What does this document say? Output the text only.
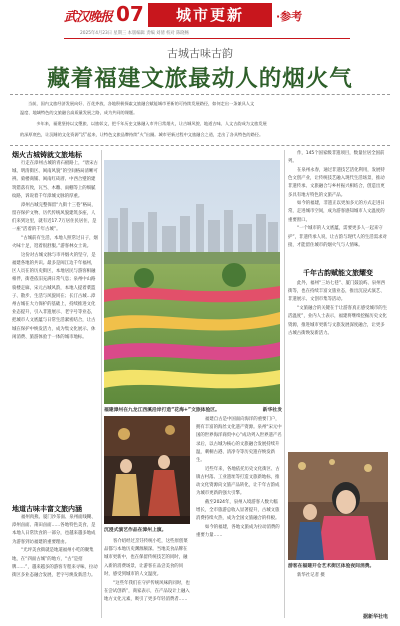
武汉晚报 07	城市更新	·参考
2025年4月23日 星期三 本版编辑 责编 刘倩 校对 陈晓畅
古城古味古韵
藏着福建文旅最动人的烟火气
当前，国内文旅经济发展向好、百花齐放，各地积极探索文旅融合赋能城市更新的可持续发展路径，如何走出一条兼具人文
温度、地域特色的文旅融合高质量发展之路，成为共同的课题。
　　多年来，福建坚持以文塑旅、以旅彰文，把千年历史文脉融入市井日常烟火，让古城风貌、地道古味、人文古韵成为文旅发展
的深厚底色，让沉睡的文化资源“活”起来，让特色文旅品牌持续“火”出圈。城市更新过程中文旅融合之道，走出了各具特色的路径。
烟火古城铸就文旅地标

行走在漳州古城的青石板路上，“唐宋古城、明清街区、闽南风貌”的空间格局清晰可辨。骑楼商铺、闽南红砖厝、中西合璧的建筑错落有致，瓦当、木雕、雨棚等上的细腻纹路，诉说着千年漳城文脉的厚重。

漳州古城完整保留“九街十三巷”格局，留存保护文物、历代传统风貌建筑多座，人们来到这里，就有近17.7万居住民居住，是一座“活着的千年古城”。

“古城前有生活，本地人照常过日子，烟火味十足，逛着很舒服。”游客林女士说。

这份对古城文脉与市井烟火的坚守，是福建各地的共识。最多是闽江边千年福州，区人员在的历史街区，本地居民与游客相融相伴，街巷依旧充满日常气息；泉州中山路骑楼走廊，宋元古城风韵，本地人提着菜篮子、散步、生活与风貌同在；长汀古城…漳州古城在大力保护的基础上，持续推进文化业态提升，引入非遗展示、老字号等业态，把城市人文底蕴与日常生活紧密结合，让古城在保护中焕发活力，成为集文化展示、休闲消费、旅游体验于一体的城市地标。

地道古味丰富文旅内涵

福州肉燕、厦门沙茶面、泉州面线糊、漳州卤面、莆田卤面……各地特色美食，是本地人日常饮食的一部分，也越来越多地成为游客到访福建的重要理由。

“光坪美食街就是地道福州小吃的聚集地，在“四面古城”的地方，“古”是招牌……”，越来越多的游客专程来寻味，拉动街区多业态融合发展，老字号焕发新活力。

福建漳州在九龙江西溪沿岸打造“花海+”文旅体验区。	新华社发
沉浸式演艺作品在漳州上演。

客介绍经过烹饪传统小吃，这些原创菜品都与本地历史渊源颇深。当地美食品牌在城市更新中，也在保留传统技艺的同时，融入新的消费场景，让游客在品尝美食的同时，感受到城市的人文温度。

“这些年我们在守护传统风味的同时，也在尝试创新”，商家表示，在产品设计上融入地方文化元素，吸引了更多年轻消费者……

福建自古是中国面向海洋的重要门户，拥有丰富的海丝文化遗产资源。泉州“宋元中国的世界海洋商贸中心”成功列入世界遗产名录后，以古城为核心的文旅融合发展持续升温，刺桐古港、清净寺等历史遗存焕发新生。

近些年来，各地依托历史文化街区、古镇古村落、工业遗址等打造文旅新地标，推动文化资源向文旅产品转化，让千年古韵成为城市更新的强大引擎。

截至2024年，泉州入境游客人数大幅增长，全市旅游总收入显著提升，古城文旅消费持续火热，成为全国文旅融合的样板。

如今的福建，各地文旅成为拉动消费的重要力量……

作，145个国家级非遗项目，数量位居全国前列。

在泉州永春，通过非遗技艺活化利用，发展特色文创产业，让传统技艺融入现代生活场景，推动非遗传承、文旅融合与乡村振兴相结合，创造出更多具有地方特色的文旅产品。

如今的福建，非遗正以更加多元的方式走进日常，走进城市空间，成为游客感知城市人文温度的重要窗口。

“一个城市的人文底蕴，需要更多人一起来守护”，非遗传承人说，让古韵与现代人的生活需求对接，才能留住城市的烟火气与人情味。

千年古韵赋能文旅耀变

此外，福州“三坊七巷”、厦门鼓浪屿、泉州西街等，也在持续丰富文旅业态，推出沉浸式演艺、非遗展示、文创市集等活动。

“文旅融合的关键在于让游客真正感受城市的生活温度”，业内人士表示，福建将继续挖掘历史文化资源，推进城市更新与文旅发展深度融合，让更多古城古街焕发新活力。

游客在福建开仓艺术街区体验夜间消费。

新华社记者 摄

据新华社电
